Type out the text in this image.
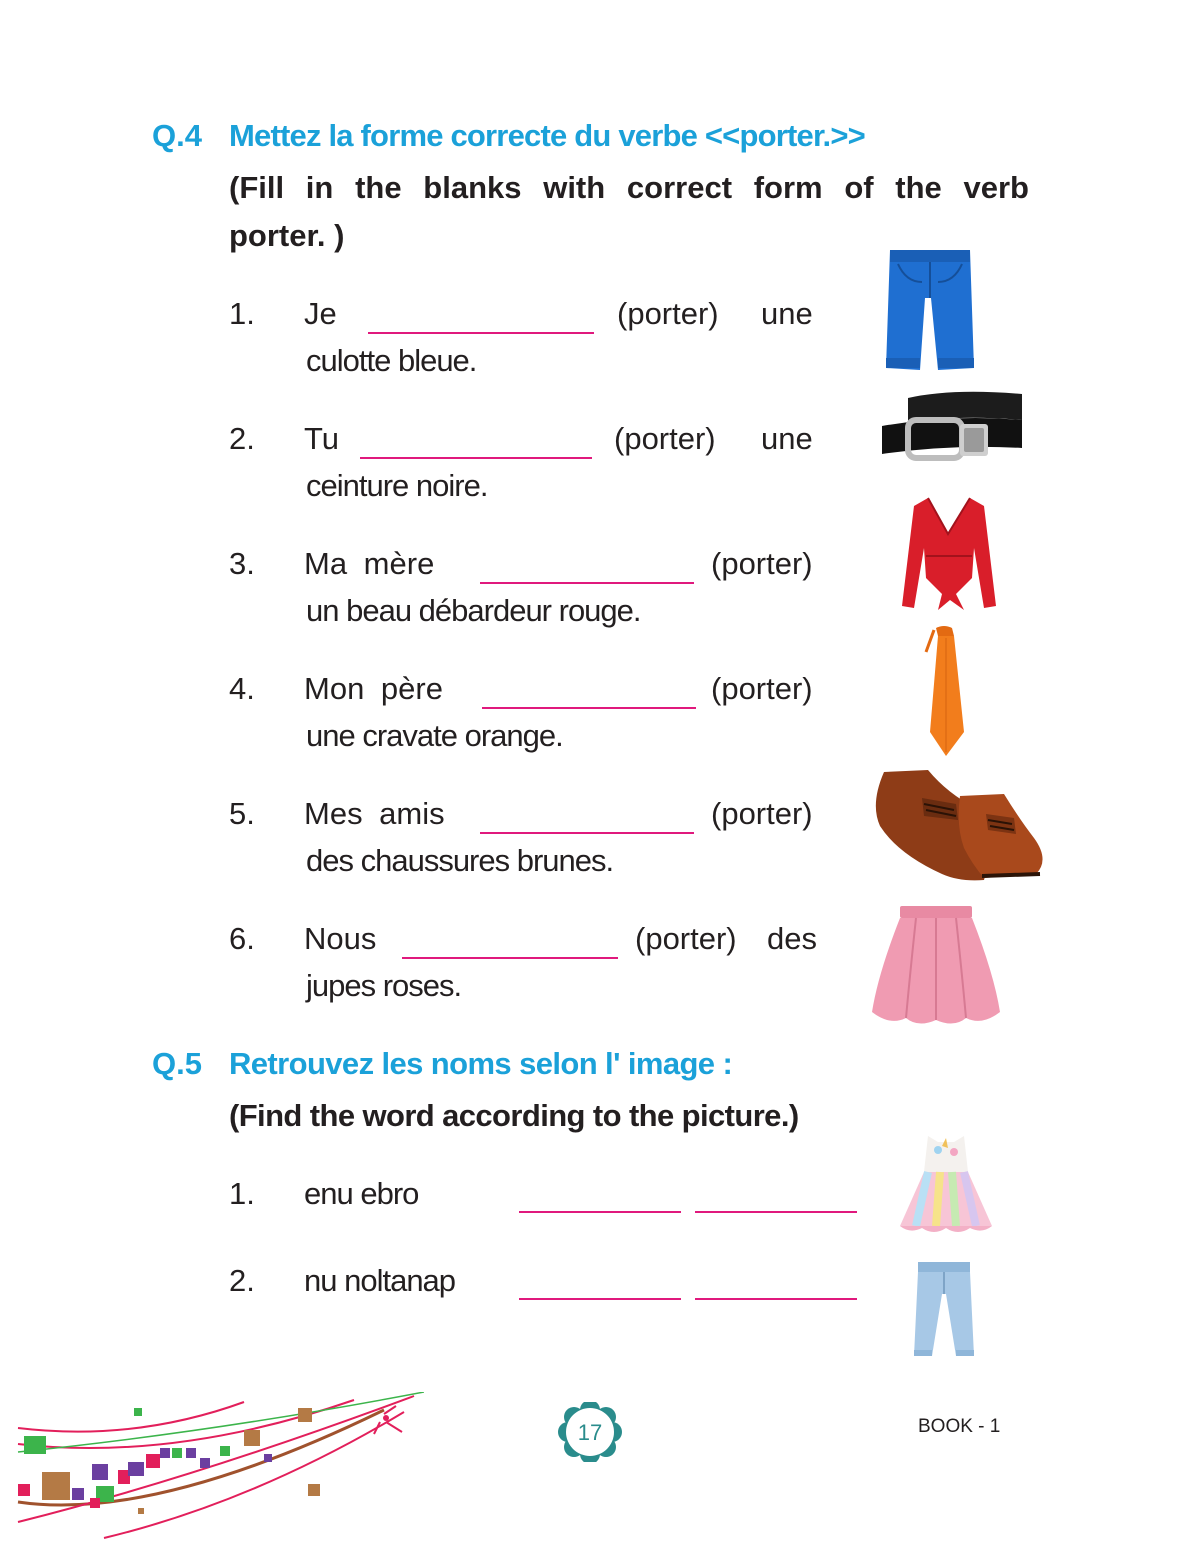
Q.4 Mettez la forme correcte du verbe <<porter.>>
(Fill in the blanks with correct form of the verb
porter. )
1. Je	(porter) une
culotte bleue.
2. Tu	(porter) une
ceinture noire.
3. Ma mère	(porter)
un beau débardeur rouge.
4. Mon père	(porter)
une cravate orange.
5. Mes amis	(porter)
des chaussures brunes.
6. Nous	(porter) des
jupes roses.
Q.5 Retrouvez les noms selon l' image :
(Find the word according to the picture.)
1. enu ebro
2. nu noltanap
17	BOOK - 1
